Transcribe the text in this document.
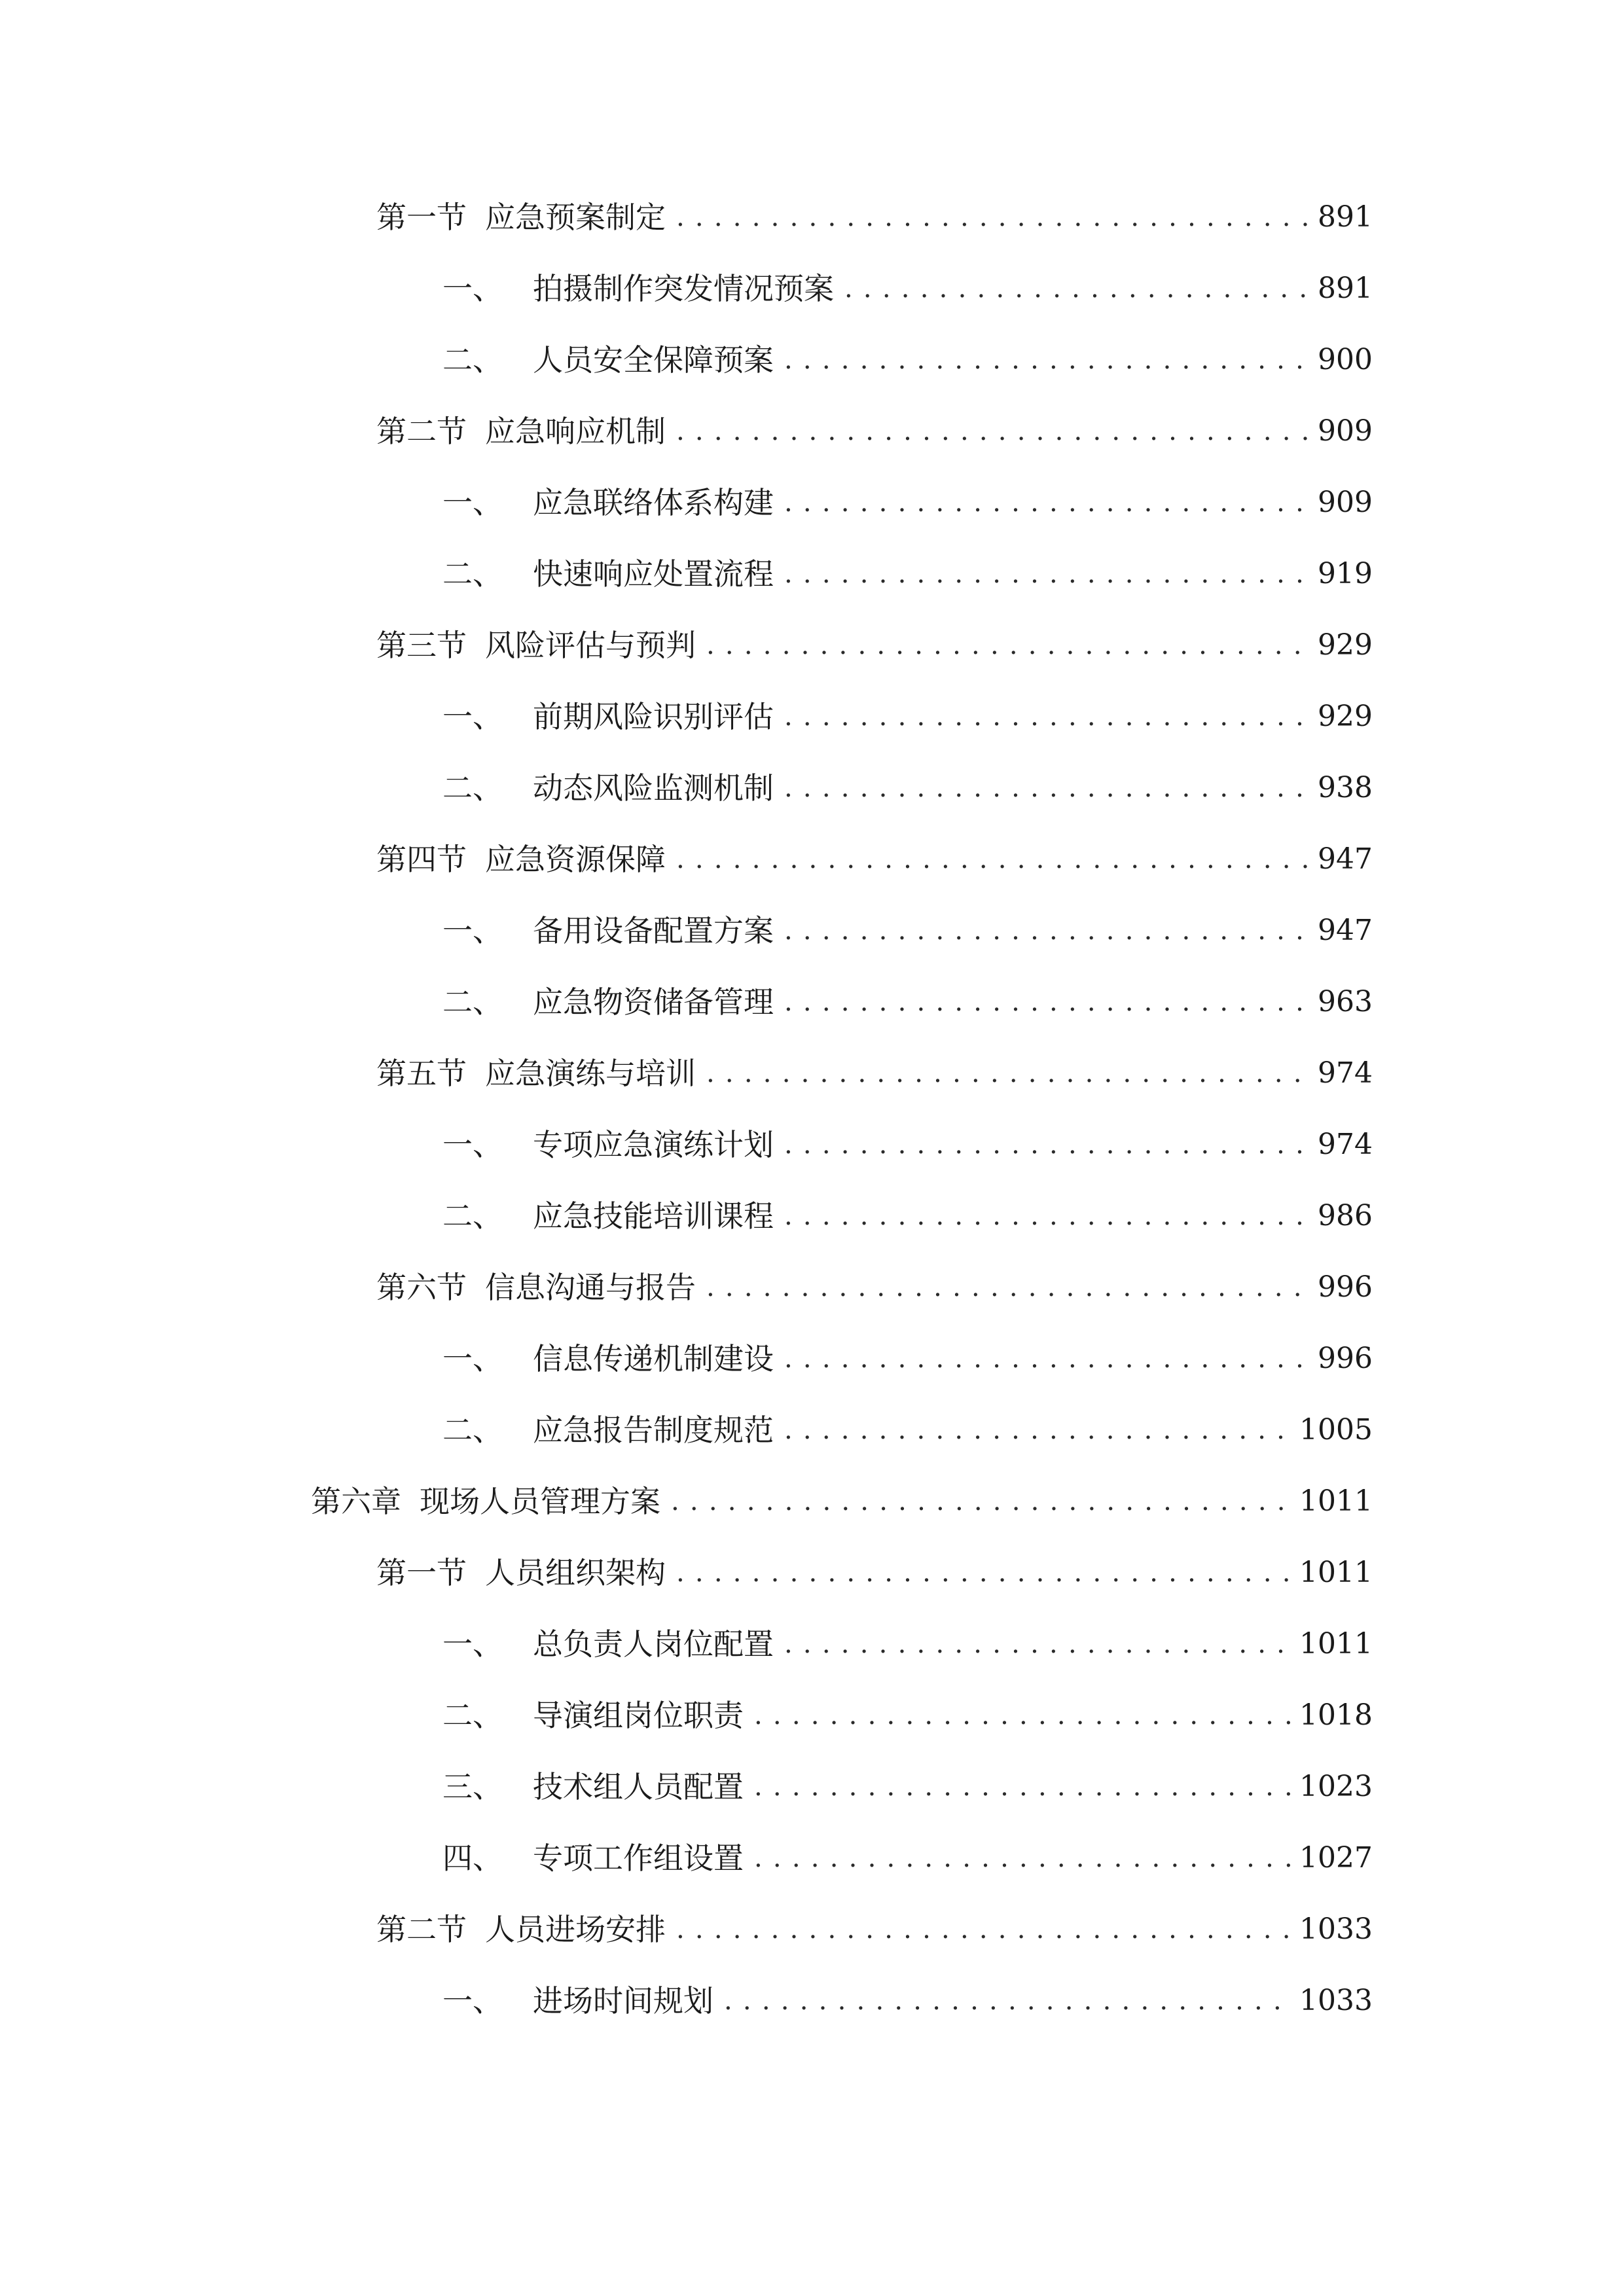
第一节 应急预案制定 . . .	891
一、 拍摄制作突发情况预案 . . .	891
二、 人员安全保障预案 . . .	900
第二节 应急响应机制 . . .	909
一、 应急联络体系构建 . . .	909
二、 快速响应处置流程 . . .	919
第三节 风险评估与预判 . . .	929
一、 前期风险识别评估 . . .	929
二、 动态风险监测机制 . . .	938
第四节 应急资源保障 . . .	947
一、 备用设备配置方案 . . .	947
二、 应急物资储备管理 . . .	963
第五节 应急演练与培训 . . .	974
一、 专项应急演练计划 . . .	974
二、 应急技能培训课程 . . .	986
第六节 信息沟通与报告 . . .	996
一、 信息传递机制建设 . . .	996
二、 应急报告制度规范 . . .	1005
第六章 现场人员管理方案 . . .	1011
第一节 人员组织架构 . . .	1011
一、 总负责人岗位配置 . . .	1011
二、 导演组岗位职责 . . .	1018
三、 技术组人员配置 . . .	1023
四、 专项工作组设置 . . .	1027
第二节 人员进场安排 . . .	1033
一、 进场时间规划 . . .	1033
